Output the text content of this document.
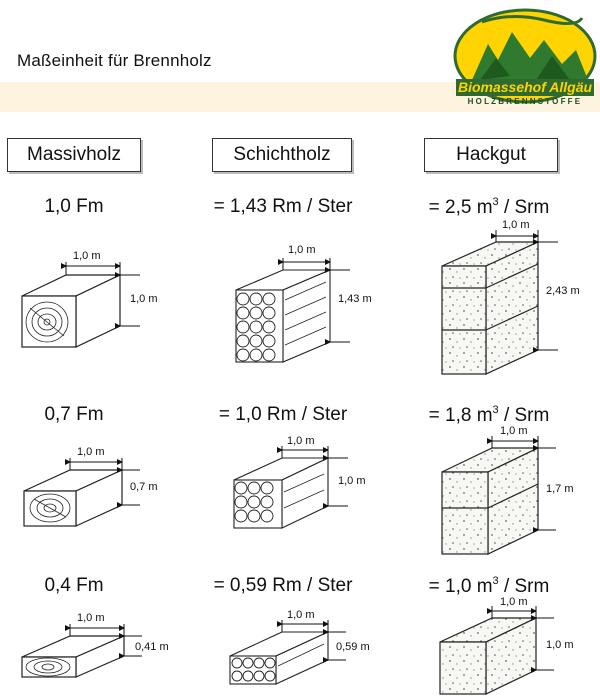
Maßeinheit für Brennholz
Biomassehof Allgäu
HOLZBRENNSTOFFE
Massivholz	Schichtholz	Hackgut
1,0 Fm	= 1,43 Rm / Ster	= 2,5 $m^3$ / Srm
0,7 Fm	= 1,0 Rm / Ster	= 1,8 $m^3$ / Srm
0,4 Fm	= 0,59 Rm / Ster	= 1,0 $m^3$ / Srm
1,0 m
1,0 m
1,0 m
1,43 m
1,0 m
2,43 m
1,0 m
0,7 m
1,0 m
1,0 m
1,0 m
1,7 m
1,0 m
0,41 m
1,0 m
0,59 m
1,0 m
1,0 m
